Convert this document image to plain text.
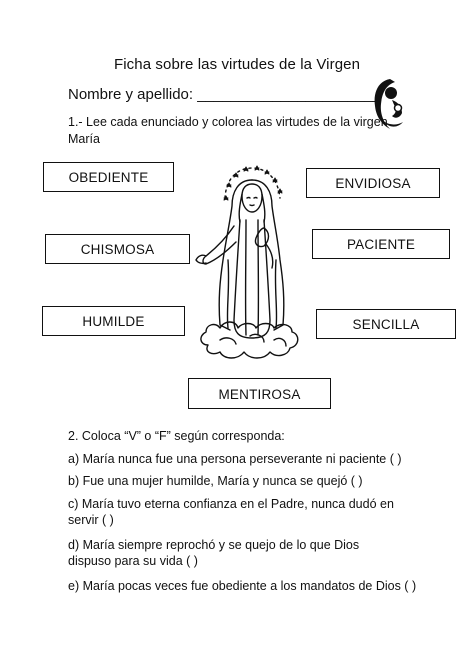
Ficha sobre las virtudes de la Virgen
Nombre y apellido: ______________________
1.- Lee cada enunciado y colorea las virtudes de la virgen María
OBEDIENTE	ENVIDIOSA
CHISMOSA	PACIENTE
HUMILDE	SENCILLA
MENTIROSA
2. Coloca “V” o “F” según corresponda:
a) María nunca fue una persona perseverante ni paciente ( )
b) Fue una mujer humilde, María y nunca se quejó ( )
c) María tuvo eterna confianza en el Padre, nunca dudó en servir ( )
d) María siempre reprochó y se quejo de lo que Dios dispuso para su vida ( )
e) María pocas veces fue obediente a los mandatos de Dios ( )
